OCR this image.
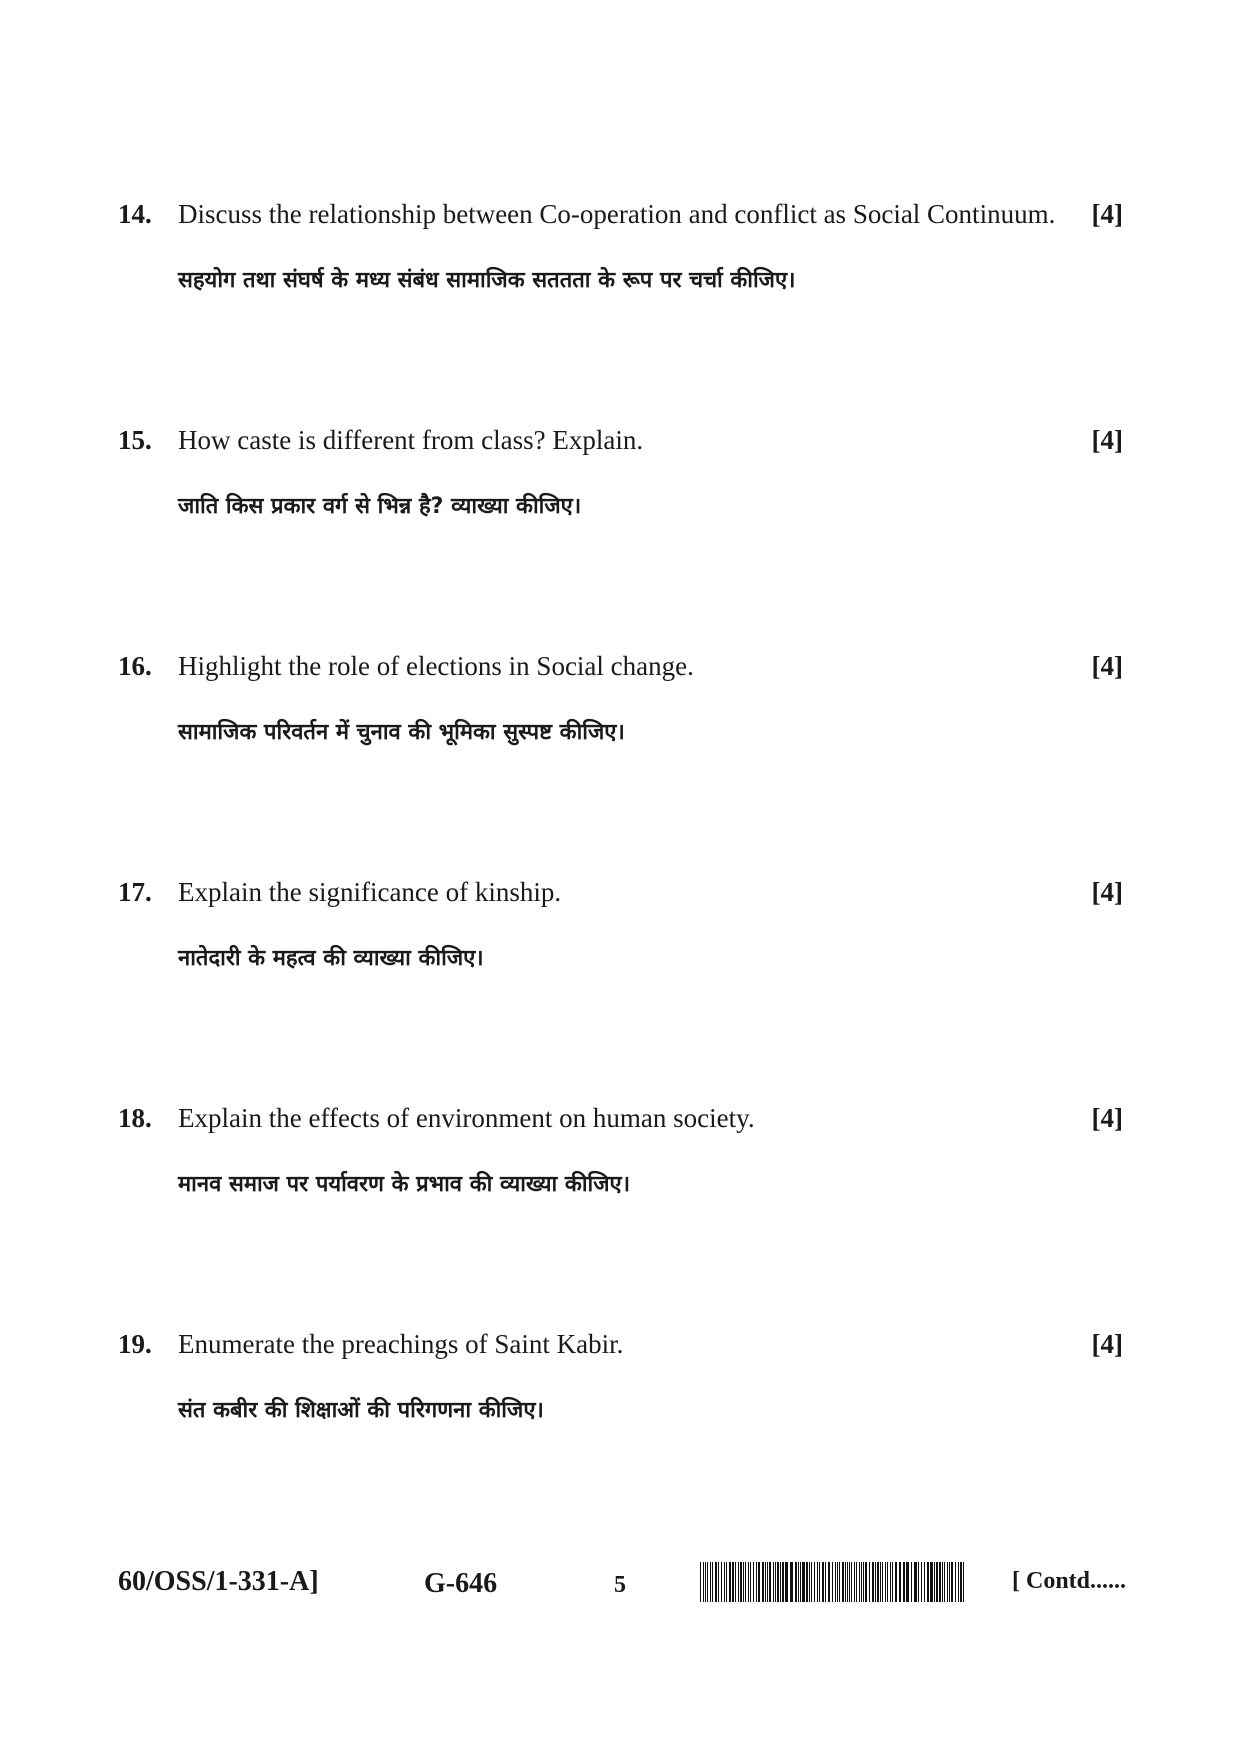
14. Discuss the relationship between Co-operation and conflict as Social Continuum. [4]
सहयोग तथा संघर्ष के मध्य संबंध सामाजिक सततता के रूप पर चर्चा कीजिए।
15. How caste is different from class? Explain.	[4]
जाति किस प्रकार वर्ग से भिन्न है? व्याख्या कीजिए।
16. Highlight the role of elections in Social change.	[4]
सामाजिक परिवर्तन में चुनाव की भूमिका सुस्पष्ट कीजिए।
17. Explain the significance of kinship.	[4]
नातेदारी के महत्व की व्याख्या कीजिए।
18. Explain the effects of environment on human society.	[4]
मानव समाज पर पर्यावरण के प्रभाव की व्याख्या कीजिए।
19. Enumerate the preachings of Saint Kabir.	[4]
संत कबीर की शिक्षाओं की परिगणना कीजिए।
60/OSS/1-331-A]	G-646	5	[ Contd......
